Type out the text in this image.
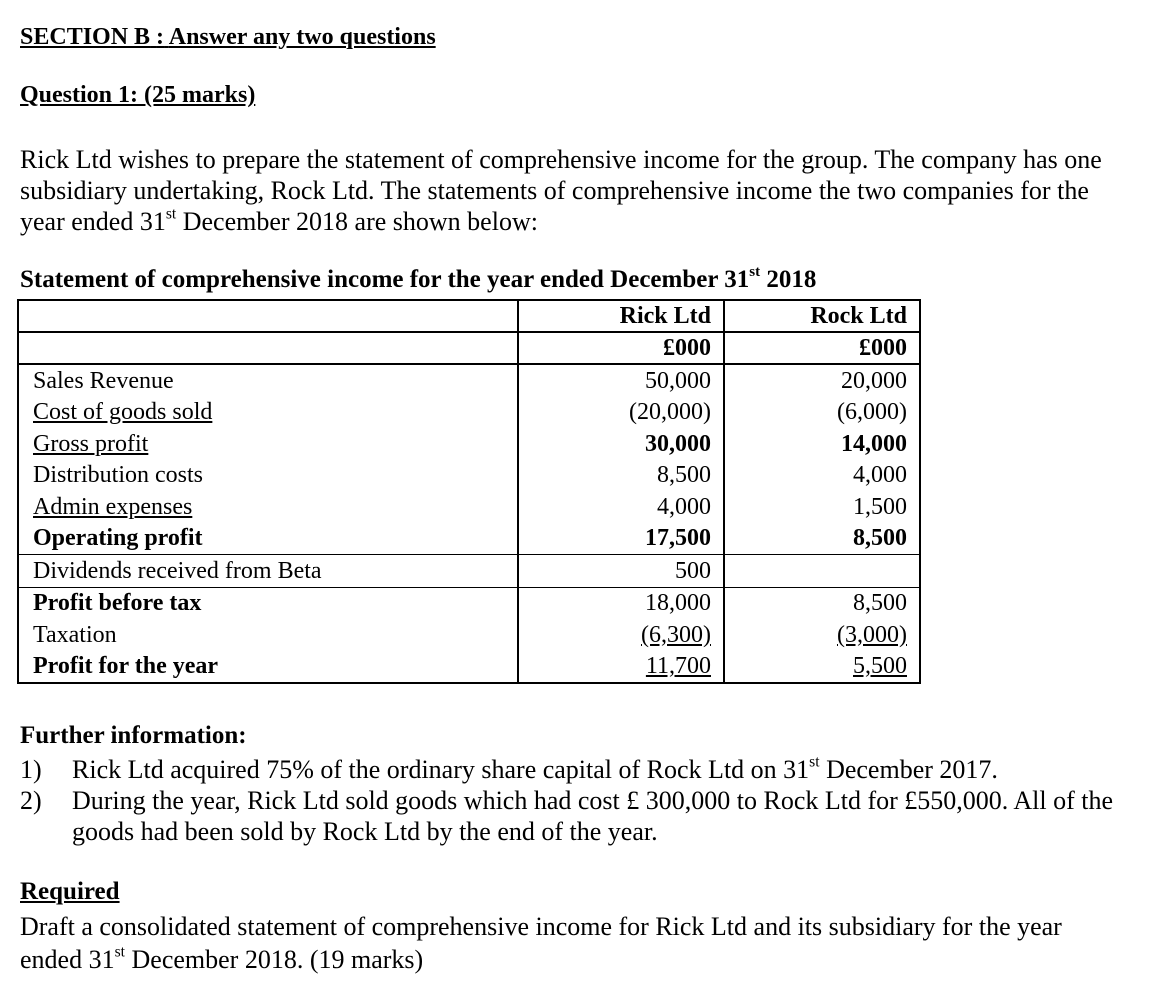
SECTION B : Answer any two questions
Question 1: (25 marks)
Rick Ltd wishes to prepare the statement of comprehensive income for the group. The company has one subsidiary undertaking, Rock Ltd. The statements of comprehensive income the two companies for the year ended 31st December 2018 are shown below:
Statement of comprehensive income for the year ended December 31st 2018
	Rick Ltd	Rock Ltd
	£000	£000
Sales Revenue	50,000	20,000
Cost of goods sold	(20,000)	(6,000)
Gross profit	30,000	14,000
Distribution costs	8,500	4,000
Admin expenses	4,000	1,500
Operating profit	17,500	8,500
Dividends received from Beta	500	
Profit before tax	18,000	8,500
Taxation	(6,300)	(3,000)
Profit for the year	11,700	5,500
Further information:
1)	Rick Ltd acquired 75% of the ordinary share capital of Rock Ltd on 31st December 2017.
2)	During the year, Rick Ltd sold goods which had cost £ 300,000 to Rock Ltd for £550,000. All of the goods had been sold by Rock Ltd by the end of the year.
Required
Draft a consolidated statement of comprehensive income for Rick Ltd and its subsidiary for the year ended 31st December 2018. (19 marks)
